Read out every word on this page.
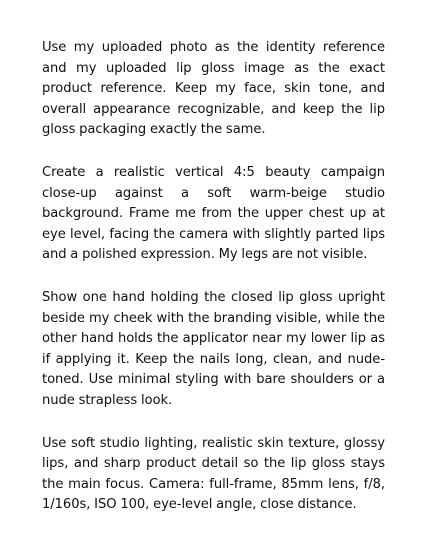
Use my uploaded photo as the identity reference and my uploaded lip gloss image as the exact product reference. Keep my face, skin tone, and overall appearance recognizable, and keep the lip gloss packaging exactly the same.

Create a realistic vertical 4:5 beauty campaign close-up against a soft warm-beige studio background. Frame me from the upper chest up at eye level, facing the camera with slightly parted lips and a polished expression. My legs are not visible.

Show one hand holding the closed lip gloss upright beside my cheek with the branding visible, while the other hand holds the applicator near my lower lip as if applying it. Keep the nails long, clean, and nude-toned. Use minimal styling with bare shoulders or a nude strapless look.

Use soft studio lighting, realistic skin texture, glossy lips, and sharp product detail so the lip gloss stays the main focus. Camera: full-frame, 85mm lens, f/8, 1/160s, ISO 100, eye-level angle, close distance.
